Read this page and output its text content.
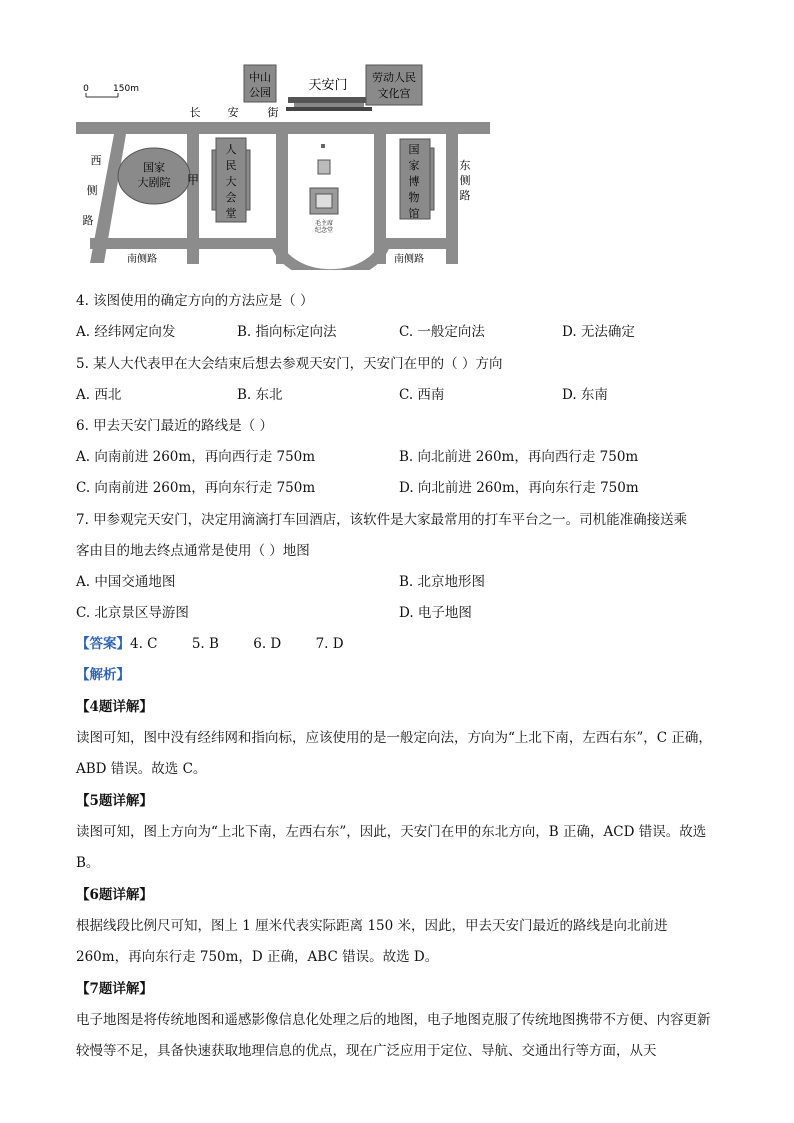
0	150m
中山
公园	天安门
劳动人民
文化宫
长 安	街
西
侧
路
东
侧
路
国家
大剧院 甲
人
民
大
会
堂
毛主席
纪念堂
国
家
博
物
馆
南侧路	南侧路
4. 该图使用的确定方向的方法应是（ ）
A. 经纬网定向发	B. 指向标定向法	C. 一般定向法	D. 无法确定
5. 某人大代表甲在大会结束后想去参观天安门，天安门在甲的（ ）方向
A. 西北	B. 东北	C. 西南	D. 东南
6. 甲去天安门最近的路线是（ ）
A. 向南前进 260m，再向西行走 750m	B. 向北前进 260m，再向西行走 750m
C. 向南前进 260m，再向东行走 750m	D. 向北前进 260m，再向东行走 750m
7. 甲参观完天安门，决定用滴滴打车回酒店，该软件是大家最常用的打车平台之一。司机能准确接送乘
客由目的地去终点通常是使用（ ）地图
A. 中国交通地图	B. 北京地形图
C. 北京景区导游图	D. 电子地图
【答案】4. C        5. B        6. D        7. D
【解析】
【4题详解】
读图可知，图中没有经纬网和指向标，应该使用的是一般定向法，方向为“上北下南，左西右东”，C 正确，ABD 错误。故选 C。
【5题详解】
读图可知，图上方向为“上北下南，左西右东”，因此，天安门在甲的东北方向，B 正确，ACD 错误。故选 B。
【6题详解】
根据线段比例尺可知，图上 1 厘米代表实际距离 150 米，因此，甲去天安门最近的路线是向北前进 260m，再向东行走 750m，D 正确，ABC 错误。故选 D。
【7题详解】
电子地图是将传统地图和遥感影像信息化处理之后的地图，电子地图克服了传统地图携带不方便、内容更新较慢等不足，具备快速获取地理信息的优点，现在广泛应用于定位、导航、交通出行等方面，从天
